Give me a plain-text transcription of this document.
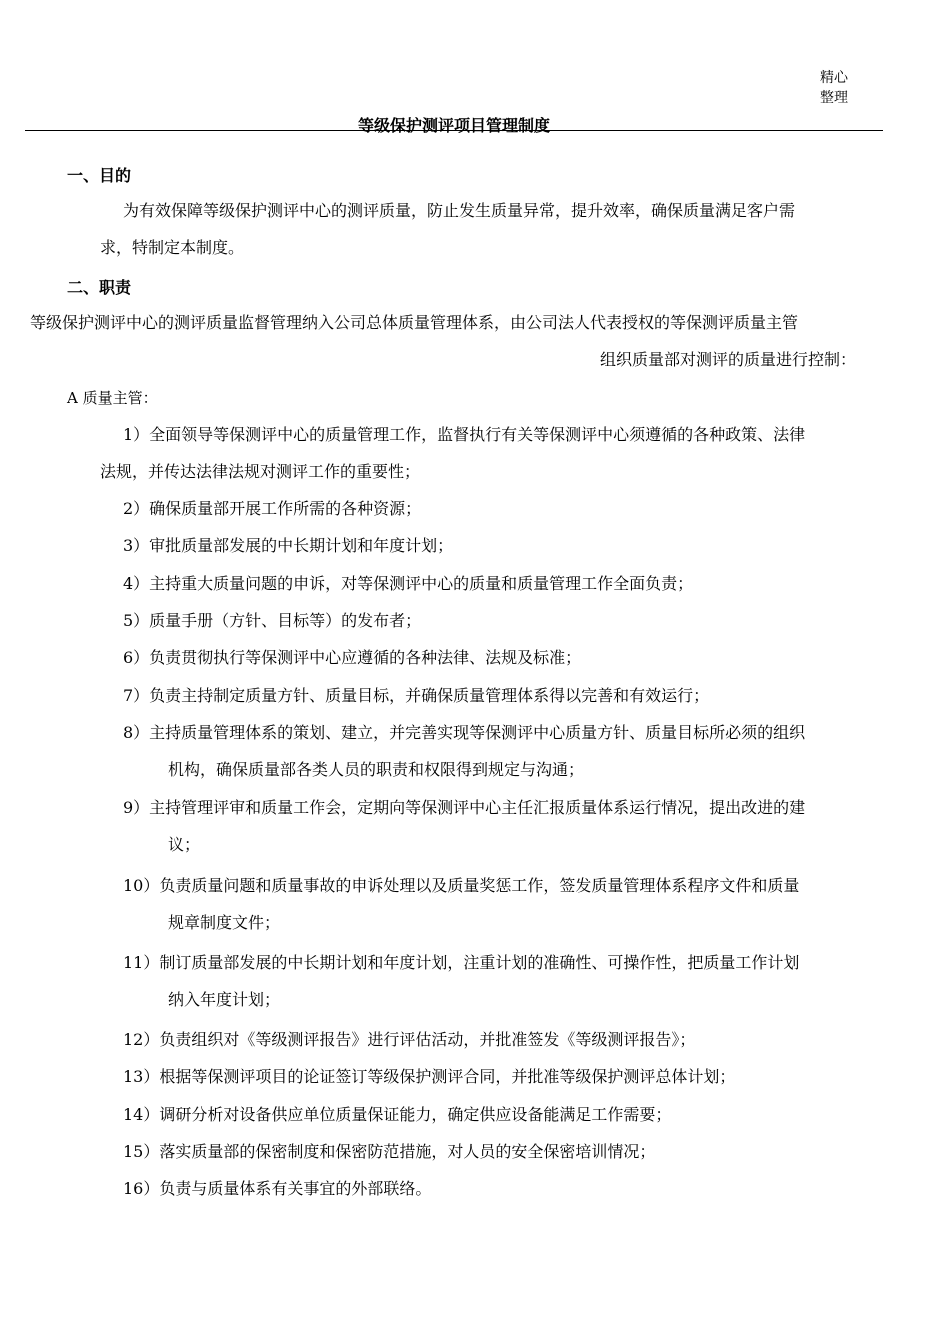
精心
整理
等级保护测评项目管理制度
一、目的
为有效保障等级保护测评中心的测评质量，防止发生质量异常，提升效率，确保质量满足客户需
求，特制定本制度。
二、职责
等级保护测评中心的测评质量监督管理纳入公司总体质量管理体系，由公司法人代表授权的等保测评质量主管
组织质量部对测评的质量进行控制：
A 质量主管：
1）全面领导等保测评中心的质量管理工作，监督执行有关等保测评中心须遵循的各种政策、法律
法规，并传达法律法规对测评工作的重要性；
2）确保质量部开展工作所需的各种资源；
3）审批质量部发展的中长期计划和年度计划；
4）主持重大质量问题的申诉，对等保测评中心的质量和质量管理工作全面负责；
5）质量手册（方针、目标等）的发布者；
6）负责贯彻执行等保测评中心应遵循的各种法律、法规及标准；
7）负责主持制定质量方针、质量目标，并确保质量管理体系得以完善和有效运行；
8）主持质量管理体系的策划、建立，并完善实现等保测评中心质量方针、质量目标所必须的组织
机构，确保质量部各类人员的职责和权限得到规定与沟通；
9）主持管理评审和质量工作会，定期向等保测评中心主任汇报质量体系运行情况，提出改进的建
议；
10）负责质量问题和质量事故的申诉处理以及质量奖惩工作，签发质量管理体系程序文件和质量
规章制度文件；
11）制订质量部发展的中长期计划和年度计划，注重计划的准确性、可操作性，把质量工作计划
纳入年度计划；
12）负责组织对《等级测评报告》进行评估活动，并批准签发《等级测评报告》；
13）根据等保测评项目的论证签订等级保护测评合同，并批准等级保护测评总体计划；
14）调研分析对设备供应单位质量保证能力，确定供应设备能满足工作需要；
15）落实质量部的保密制度和保密防范措施，对人员的安全保密培训情况；
16）负责与质量体系有关事宜的外部联络。
